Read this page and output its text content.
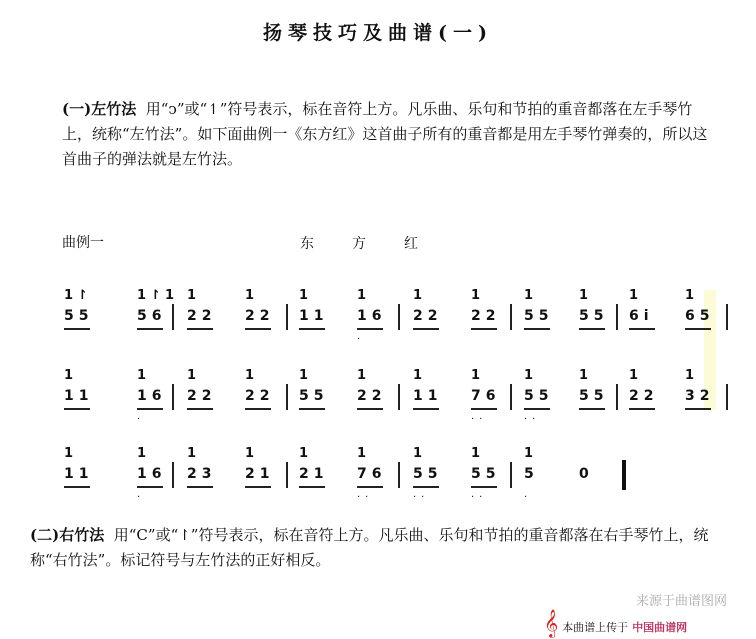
扬琴技巧及曲谱(一)
(一)左竹法 用“ↄ”或“↿”符号表示，标在音符上方。凡乐曲、乐句和节拍的重音都落在左手琴竹上，统称“左竹法”。如下面曲例一《东方红》这首曲子所有的重音都是用左手琴竹弹奏的，所以这首曲子的弹法就是左竹法。
曲例一	东	方	红
1↾
55
1↾1
56
1
22
1
22
1
11
1
16
.
1
22
1
22
1
55
1
55
1
6i
1
65
1
11
1
16
.
1
22
1
22
1
55
1
22
1
11
1
76
..
1
55
..
1
55
1
22
1
32
1
11
1
16
.
1
23
1
21
1
21
1
76
..
1
55
..
1
55
..
1
5
.
0
(二)右竹法 用“C”或“↾”符号表示，标在音符上方。凡乐曲、乐句和节拍的重音都落在右手琴竹上，统称“右竹法”。标记符号与左竹法的正好相反。
来源于曲谱图网
𝄞 本曲谱上传于 中国曲谱网
